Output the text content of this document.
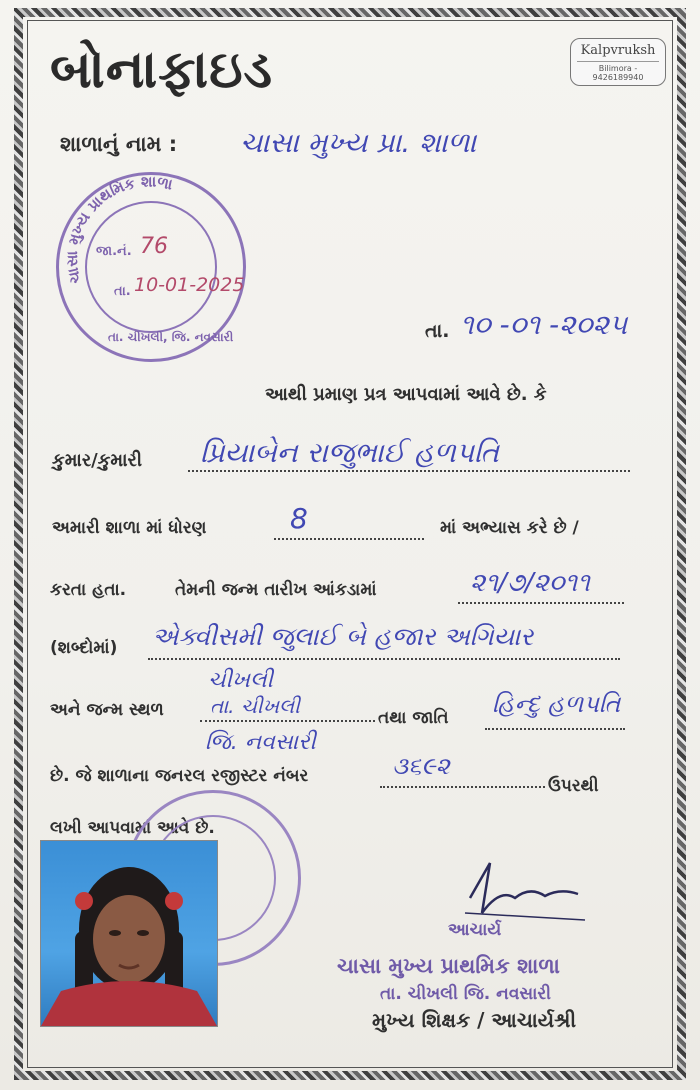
બોનાફાઇડ	Kalpvruksh
Bilimora - 9426189940
શાળાનું નામ : ચાસા મુખ્ય પ્રા. શાળા
ચાસા મુખ્ય પ્રાથમિક શાળા
જા.નં. 76
તા. 10-01-2025
તા. ચીખલી, જિ. નવસારી	તા. ૧૦ -૦૧ -૨૦૨૫
આથી પ્રમાણ પ્રત્ર આપવામાં આવે છે. કે
કુમાર/કુમારી પ્રિયાબેન રાજુભાઈ હળપતિ
અમારી શાળા માં ધોરણ	8	માં અભ્યાસ કરે છે /
કરતા હતા.	તેમની જન્મ તારીખ આંકડામાં	૨૧/૭/૨૦૧૧
(શબ્દોમાં) એક્વીસમી જુલાઈ બે હજાર અગિયાર
ચીખલી
અને જન્મ સ્થળ તા. ચીખલી
જિ. નવસારી
તથા જાતિ હિન્દુ હળપતિ
છે. જે શાળાના જનરલ રજીસ્ટર નંબર	૩૬૯૨
ઉપરથી
લખી આપવામાં આવે છે.
આચાર્ય
ચાસા મુખ્ય પ્રાથમિક શાળા
તા. ચીખલી જિ. નવસારી
મુખ્ય શિક્ષક / આચાર્યશ્રી
